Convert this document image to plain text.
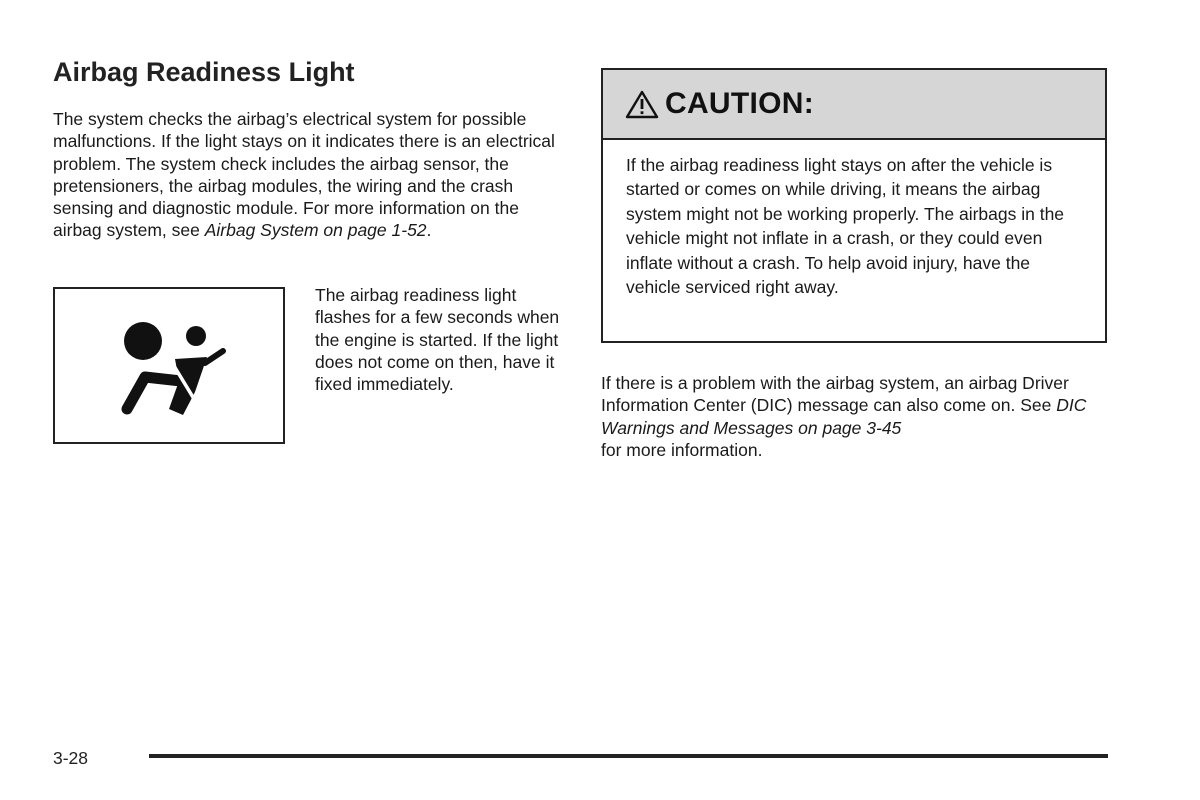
Airbag Readiness Light

The system checks the airbag’s electrical system for possible malfunctions. If the light stays on it indicates there is an electrical problem. The system check includes the airbag sensor, the pretensioners, the airbag modules, the wiring and the crash sensing and diagnostic module. For more information on the airbag system, see Airbag System on page 1-52.

The airbag readiness light flashes for a few seconds when the engine is started. If the light does not come on then, have it fixed immediately.

CAUTION:

If the airbag readiness light stays on after the vehicle is started or comes on while driving, it means the airbag system might not be working properly. The airbags in the vehicle might not inflate in a crash, or they could even inflate without a crash. To help avoid injury, have the vehicle serviced right away.

If there is a problem with the airbag system, an airbag Driver Information Center (DIC) message can also come on. See DIC Warnings and Messages on page 3-45
for more information.

3-28
